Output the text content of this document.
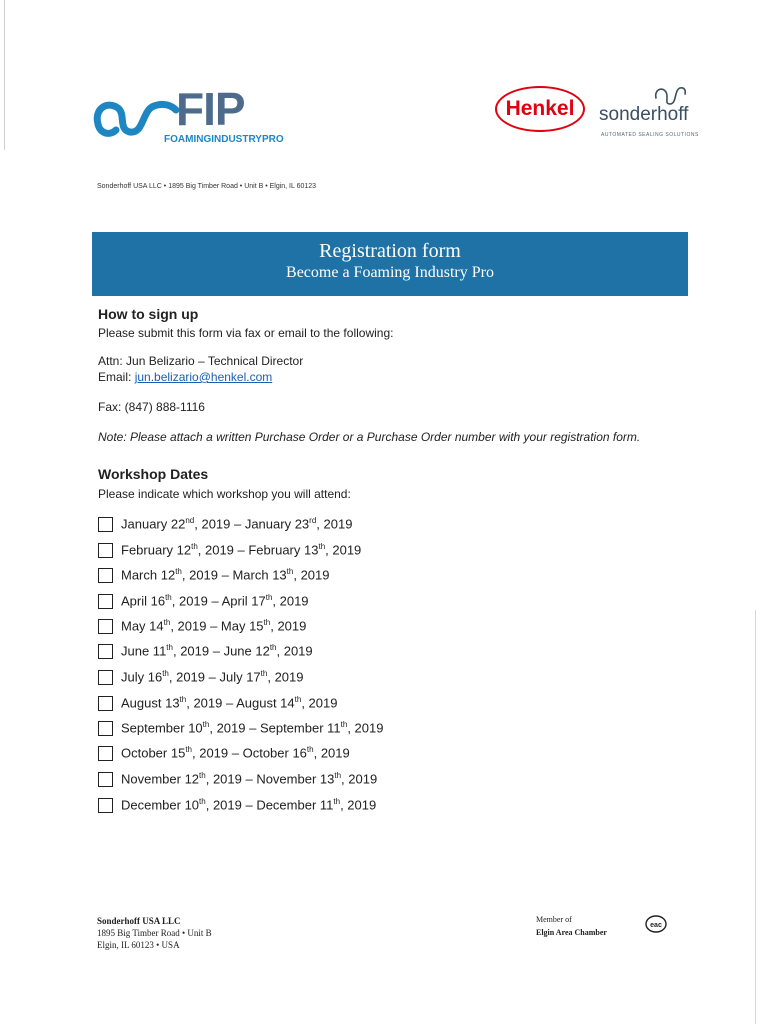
FIP
FOAMINGINDUSTRYPRO
Henkel	sonderhoff
AUTOMATED SEALING SOLUTIONS
Sonderhoff USA LLC • 1895 Big Timber Road • Unit B • Elgin, IL 60123
Registration form
Become a Foaming Industry Pro
How to sign up
Please submit this form via fax or email to the following:
Attn: Jun Belizario – Technical Director
Email: jun.belizario@henkel.com
Fax: (847) 888-1116
Note: Please attach a written Purchase Order or a Purchase Order number with your registration form.
Workshop Dates
Please indicate which workshop you will attend:
January 22nd, 2019 – January 23rd, 2019
February 12th, 2019 – February 13th, 2019
March 12th, 2019 – March 13th, 2019
April 16th, 2019 – April 17th, 2019
May 14th, 2019 – May 15th, 2019
June 11th, 2019 – June 12th, 2019
July 16th, 2019 – July 17th, 2019
August 13th, 2019 – August 14th, 2019
September 10th, 2019 – September 11th, 2019
October 15th, 2019 – October 16th, 2019
November 12th, 2019 – November 13th, 2019
December 10th, 2019 – December 11th, 2019
Sonderhoff USA LLC
1895 Big Timber Road • Unit B
Elgin, IL 60123 • USA
Member of
Elgin Area Chamber
eac
